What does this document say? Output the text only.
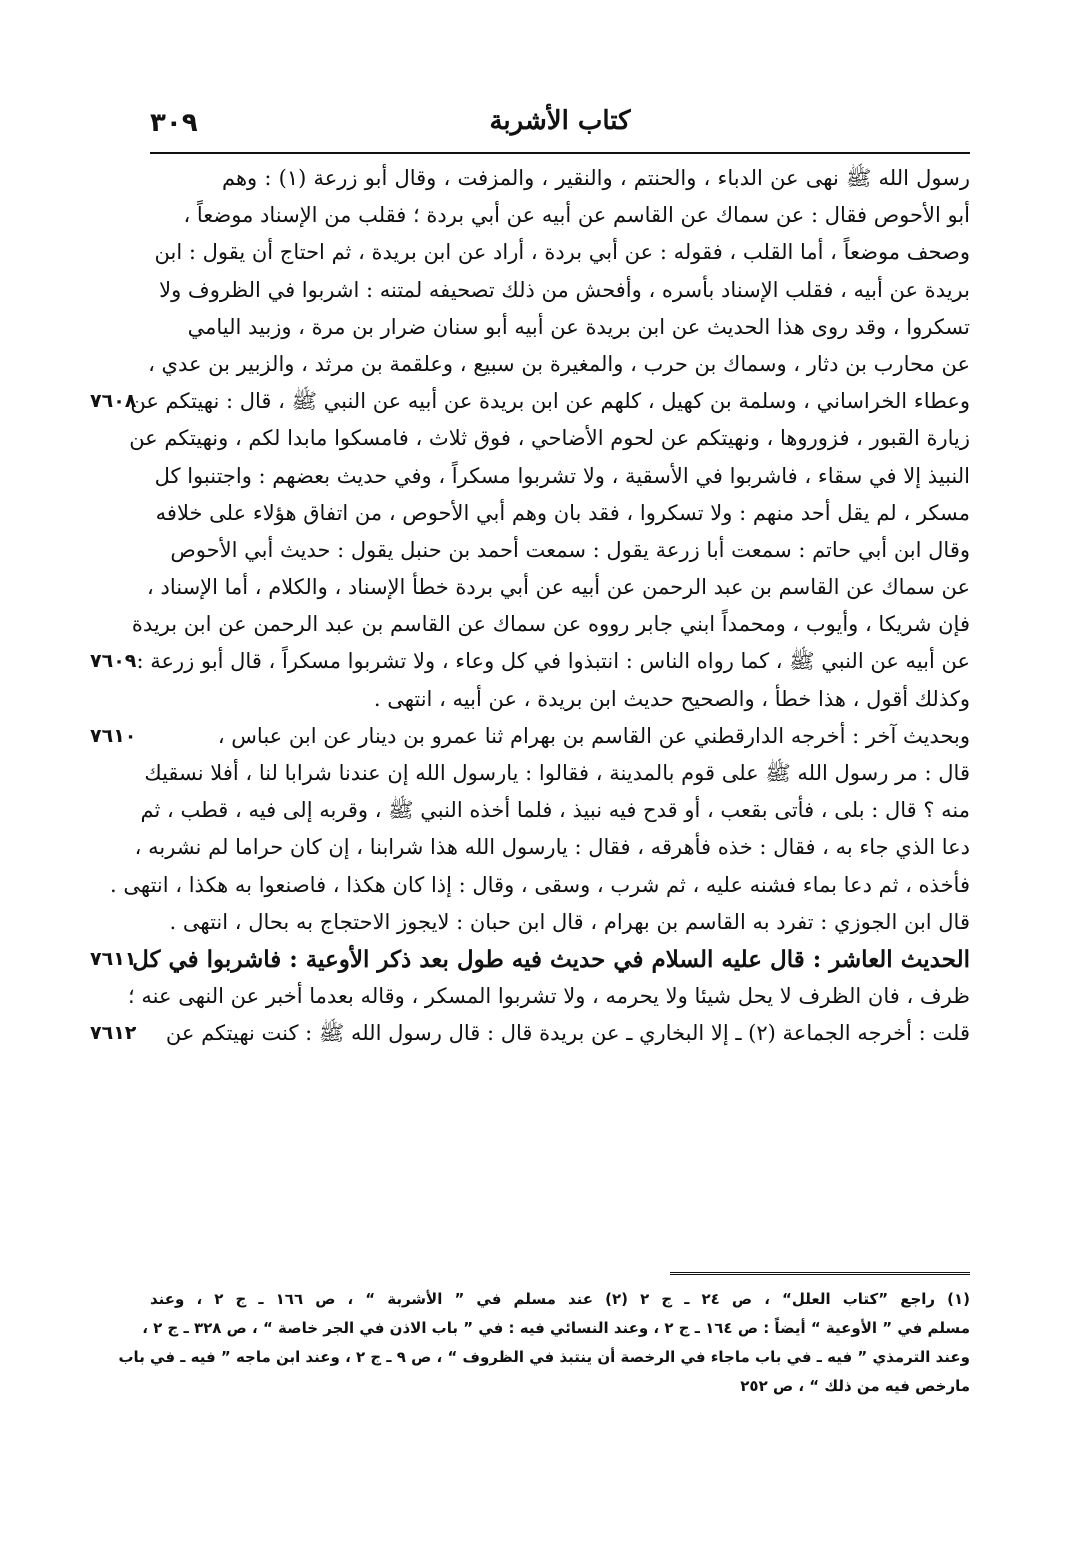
٣٠٩	كتاب الأشربة
رسول الله ﷺ نهى عن الدباء ، والحنتم ، والنقير ، والمزفت ، وقال أبو زرعة (١) : وهم
أبو الأحوص فقال : عن سماك عن القاسم عن أبيه عن أبي بردة ؛ فقلب من الإسناد موضعاً ،
وصحف موضعاً ، أما القلب ، فقوله : عن أبي بردة ، أراد عن ابن بريدة ، ثم احتاج أن يقول : ابن
بريدة عن أبيه ، فقلب الإسناد بأسره ، وأفحش من ذلك تصحيفه لمتنه : اشربوا في الظروف ولا
تسكروا ، وقد روى هذا الحديث عن ابن بريدة عن أبيه أبو سنان ضرار بن مرة ، وزبيد اليامي
عن محارب بن دثار ، وسماك بن حرب ، والمغيرة بن سبيع ، وعلقمة بن مرثد ، والزبير بن عدي ،
وعطاء الخراساني ، وسلمة بن كهيل ، كلهم عن ابن بريدة عن أبيه عن النبي ﷺ ، قال : نهيتكم عن
٧٦٠٨
زيارة القبور ، فزوروها ، ونهيتكم عن لحوم الأضاحي ، فوق ثلاث ، فامسكوا مابدا لكم ، ونهيتكم عن
النبيذ إلا في سقاء ، فاشربوا في الأسقية ، ولا تشربوا مسكراً ، وفي حديث بعضهم : واجتنبوا كل
مسكر ، لم يقل أحد منهم : ولا تسكروا ، فقد بان وهم أبي الأحوص ، من اتفاق هؤلاء على خلافه
وقال ابن أبي حاتم : سمعت أبا زرعة يقول : سمعت أحمد بن حنبل يقول : حديث أبي الأحوص
عن سماك عن القاسم بن عبد الرحمن عن أبيه عن أبي بردة خطأ الإسناد ، والكلام ، أما الإسناد ،
فإن شريكا ، وأيوب ، ومحمداً ابني جابر رووه عن سماك عن القاسم بن عبد الرحمن عن ابن بريدة
عن أبيه عن النبي ﷺ ، كما رواه الناس : انتبذوا في كل وعاء ، ولا تشربوا مسكراً ، قال أبو زرعة :
٧٦٠٩
وكذلك أقول ، هذا خطأ ، والصحيح حديث ابن بريدة ، عن أبيه ، انتهى .
وبحديث آخر : أخرجه الدارقطني عن القاسم بن بهرام ثنا عمرو بن دينار عن ابن عباس ،
٧٦١٠
قال : مر رسول الله ﷺ على قوم بالمدينة ، فقالوا : يارسول الله إن عندنا شرابا لنا ، أفلا نسقيك
منه ؟ قال : بلى ، فأتى بقعب ، أو قدح فيه نبيذ ، فلما أخذه النبي ﷺ ، وقربه إلى فيه ، قطب ، ثم
دعا الذي جاء به ، فقال : خذه فأهرقه ، فقال : يارسول الله هذا شرابنا ، إن كان حراما لم نشربه ،
فأخذه ، ثم دعا بماء فشنه عليه ، ثم شرب ، وسقى ، وقال : إذا كان هكذا ، فاصنعوا به هكذا ، انتهى .
قال ابن الجوزي : تفرد به القاسم بن بهرام ، قال ابن حبان : لايجوز الاحتجاج به بحال ، انتهى .
الحديث العاشر : قال عليه السلام في حديث فيه طول بعد ذكر الأوعية : فاشربوا في كل
٧٦١١
ظرف ، فان الظرف لا يحل شيئا ولا يحرمه ، ولا تشربوا المسكر ، وقاله بعدما أخبر عن النهى عنه ؛
قلت : أخرجه الجماعة (٢) ـ إلا البخاري ـ عن بريدة قال : قال رسول الله ﷺ : كنت نهيتكم عن
٧٦١٢
(١) راجع ”كتاب العلل“ ، ص ٢٤ ـ ج ٢ (٢) عند مسلم في ” الأشربة “ ، ص ١٦٦ ـ ج ٢ ، وعند
مسلم في ” الأوعية “ أيضاً : ص ١٦٤ ـ ج ٢ ، وعند النسائي فيه : في ” باب الاذن في الجر خاصة “ ، ص ٣٢٨ ـ ج ٢ ،
وعند الترمذي ” فيه ـ في باب ماجاء في الرخصة أن ينتبذ في الظروف “ ، ص ٩ ـ ج ٢ ، وعند ابن ماجه ” فيه ـ في باب
مارخص فيه من ذلك “ ، ص ٢٥٢
